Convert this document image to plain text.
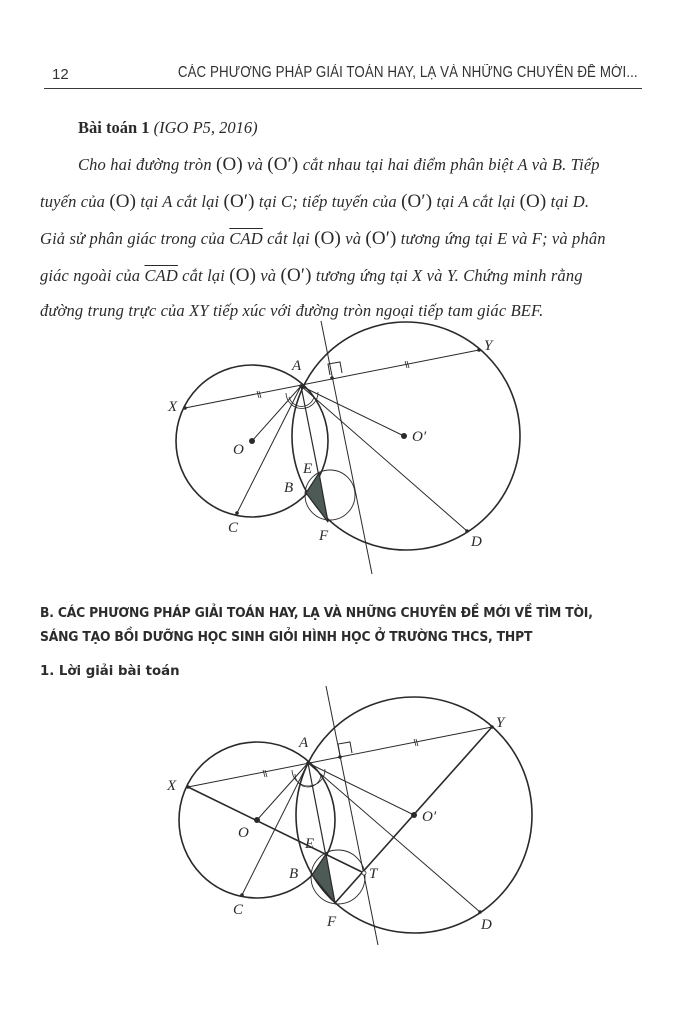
12	CÁC PHƯƠNG PHÁP GIẢI TOÁN HAY, LẠ VÀ NHỮNG CHUYÊN ĐỀ MỚI...
Bài toán 1 (IGO P5, 2016)
Cho hai đường tròn (O) và (O′) cắt nhau tại hai điểm phân biệt A và B. Tiếp
tuyến của (O) tại A cắt lại (O′) tại C; tiếp tuyến của (O′) tại A cắt lại (O) tại D.
Giả sử phân giác trong của $\overline{CAD}$ cắt lại (O) và (O′) tương ứng tại E và F; và phân
giác ngoài của $\overline{CAD}$ cắt lại (O) và (O′) tương ứng tại X và Y. Chứng minh rằng
đường trung trực của XY tiếp xúc với đường tròn ngoại tiếp tam giác BEF.
A
X
Y
O
O′
E
B
C	F	D
B. CÁC PHƯƠNG PHÁP GIẢI TOÁN HAY, LẠ VÀ NHỮNG CHUYÊN ĐỀ MỚI VỀ TÌM TÒI,
SÁNG TẠO BỒI DƯỠNG HỌC SINH GIỎI HÌNH HỌC Ở TRƯỜNG THCS, THPT
1. Lời giải bài toán
A
X
Y
O
O′
E
B
C
F	D
T
